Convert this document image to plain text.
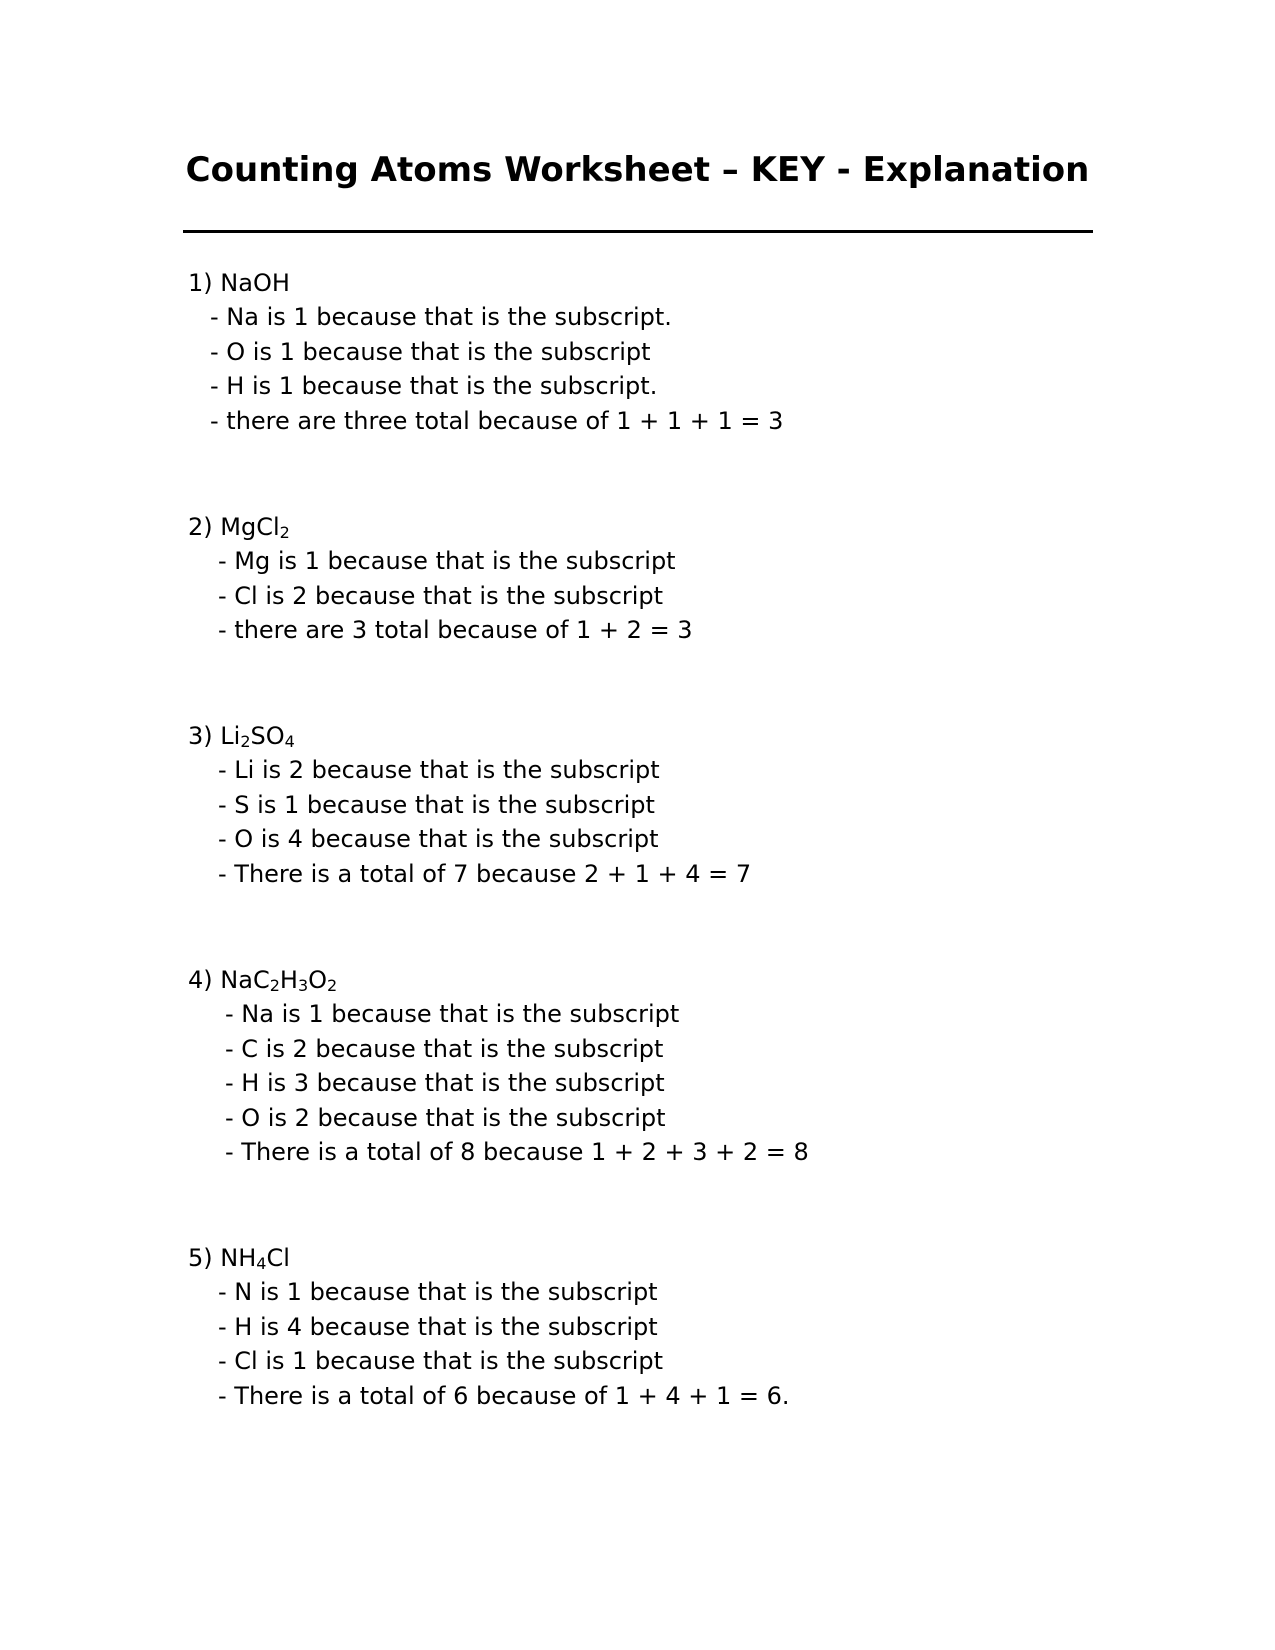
Counting Atoms Worksheet – KEY - Explanation
1) NaOH
- Na is 1 because that is the subscript.
- O is 1 because that is the subscript
- H is 1 because that is the subscript.
- there are three total because of 1 + 1 + 1 = 3
2) MgCl$_2$
- Mg is 1 because that is the subscript
- Cl is 2 because that is the subscript
- there are 3 total because of 1 + 2 = 3
3) $Li_2SO_4$
- Li is 2 because that is the subscript
- S is 1 because that is the subscript
- O is 4 because that is the subscript
- There is a total of 7 because 2 + 1 + 4 = 7
4) $NaC_2H_3O_2$
- Na is 1 because that is the subscript
- C is 2 because that is the subscript
- H is 3 because that is the subscript
- O is 2 because that is the subscript
- There is a total of 8 because 1 + 2 + 3 + 2 = 8
5) $NH_4Cl$
- N is 1 because that is the subscript
- H is 4 because that is the subscript
- Cl is 1 because that is the subscript
- There is a total of 6 because of 1 + 4 + 1 = 6.
